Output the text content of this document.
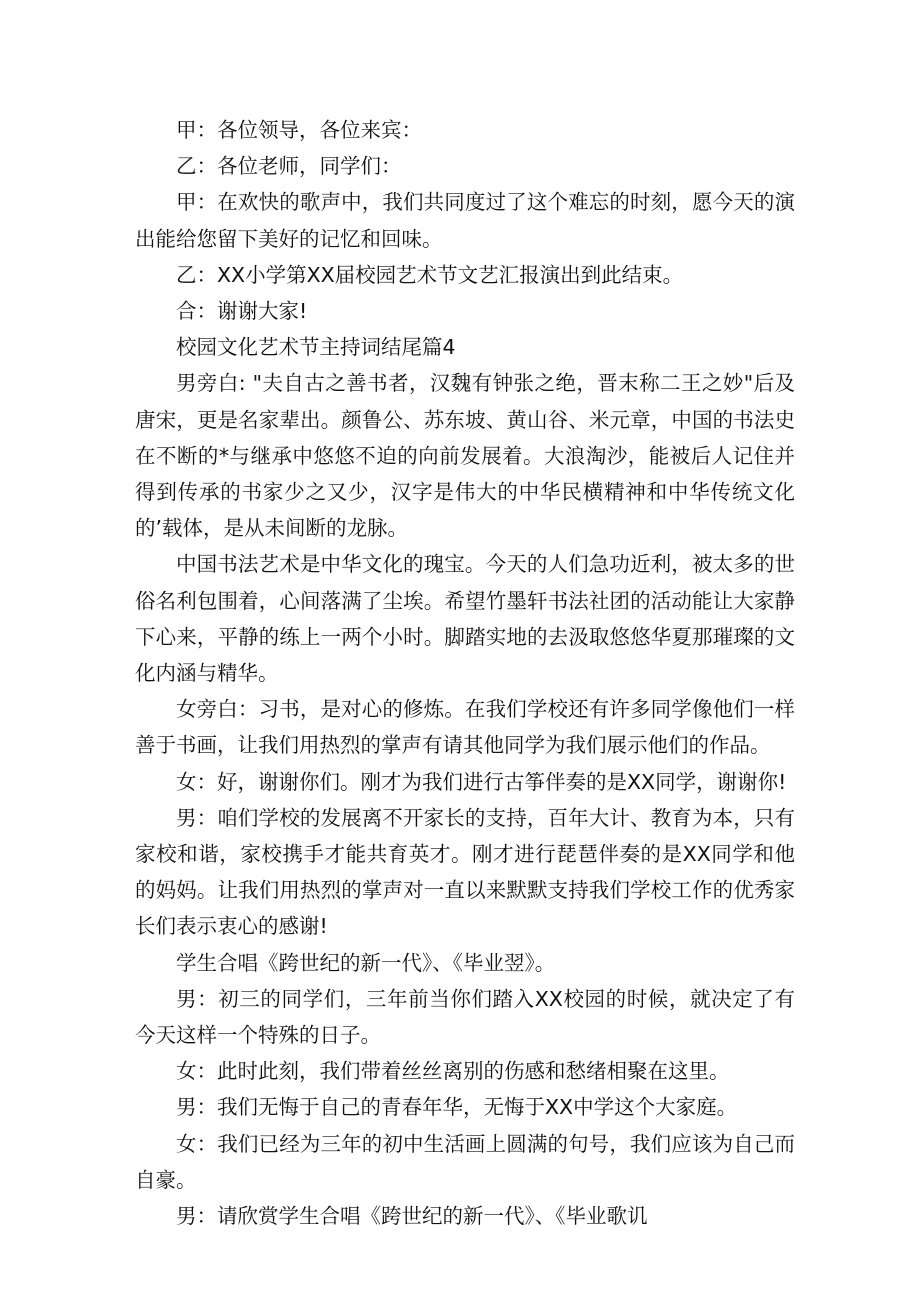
甲：各位领导，各位来宾：

乙：各位老师，同学们：

甲：在欢快的歌声中，我们共同度过了这个难忘的时刻，愿今天的演出能给您留下美好的记忆和回味。

乙：XX小学第XX届校园艺术节文艺汇报演出到此结束。

合：谢谢大家!

校园文化艺术节主持词结尾篇4

男旁白: "夫自古之善书者，汉魏有钟张之绝，晋末称二王之妙"后及唐宋，更是名家辈出。颜鲁公、苏东坡、黄山谷、米元章，中国的书法史在不断的*与继承中悠悠不迫的向前发展着。大浪淘沙，能被后人记住并得到传承的书家少之又少，汉字是伟大的中华民横精神和中华传统文化的’载体，是从未间断的龙脉。

中国书法艺术是中华文化的瑰宝。今天的人们急功近利，被太多的世俗名利包围着，心间落满了尘埃。希望竹墨轩书法社团的活动能让大家静下心来，平静的练上一两个小时。脚踏实地的去汲取悠悠华夏那璀璨的文化内涵与精华。

女旁白：习书，是对心的修炼。在我们学校还有许多同学像他们一样善于书画，让我们用热烈的掌声有请其他同学为我们展示他们的作品。

女：好，谢谢你们。刚才为我们进行古筝伴奏的是XX同学，谢谢你!

男：咱们学校的发展离不开家长的支持，百年大计、教育为本，只有家校和谐，家校携手才能共育英才。刚才进行琵琶伴奏的是XX同学和他的妈妈。让我们用热烈的掌声对一直以来默默支持我们学校工作的优秀家长们表示衷心的感谢!

学生合唱《跨世纪的新一代》、《毕业翌》。

男：初三的同学们，三年前当你们踏入XX校园的时候，就决定了有今天这样一个特殊的日子。

女：此时此刻，我们带着丝丝离别的伤感和愁绪相聚在这里。

男：我们无悔于自己的青春年华，无悔于XX中学这个大家庭。

女：我们已经为三年的初中生活画上圆满的句号，我们应该为自己而自豪。

男：请欣赏学生合唱《跨世纪的新一代》、《毕业歌讥
